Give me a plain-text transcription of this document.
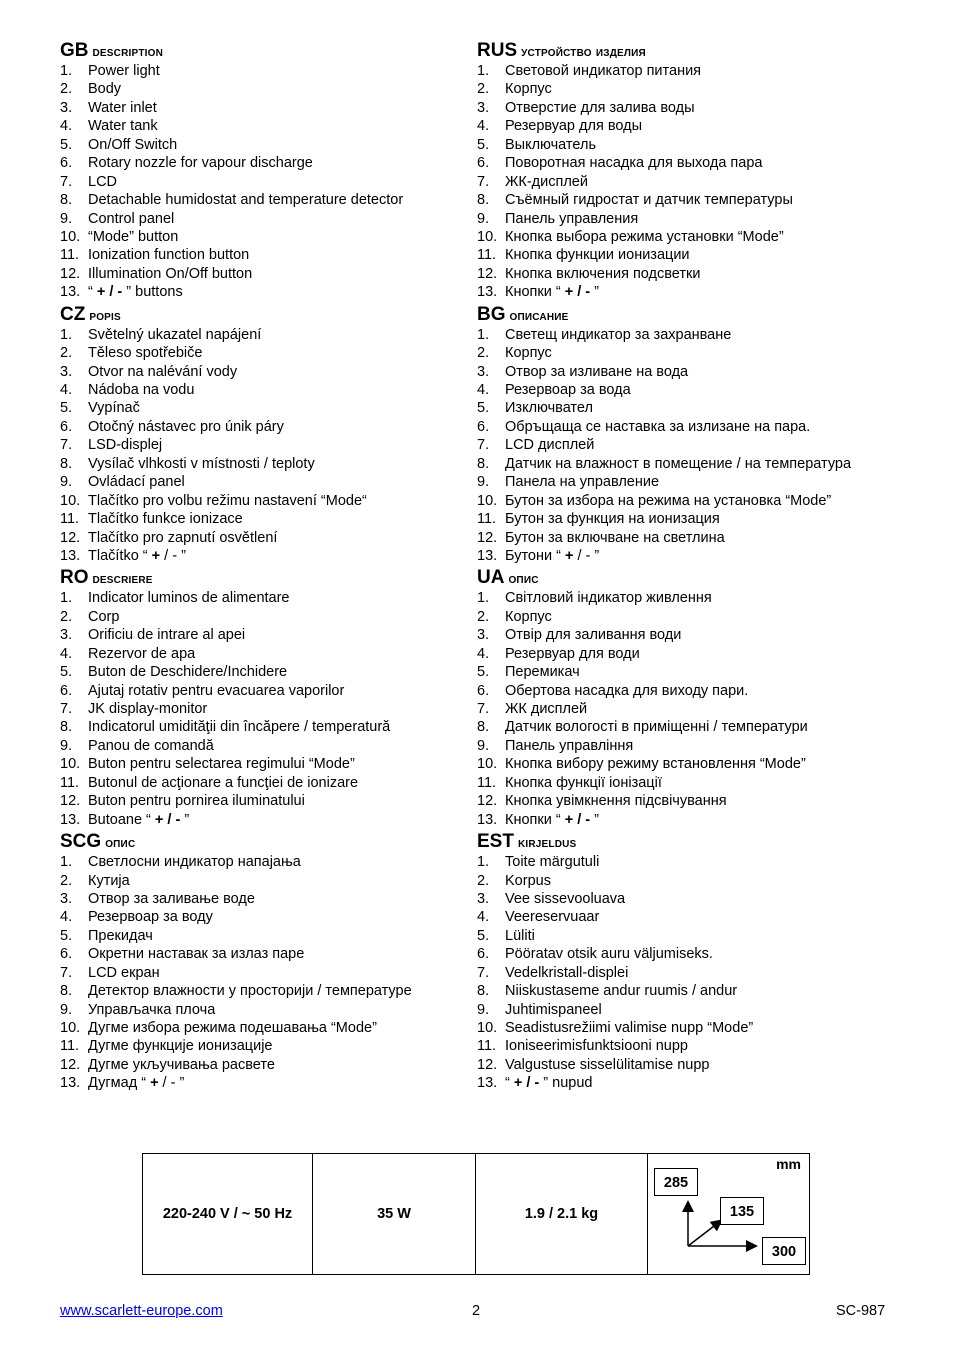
GB description
1. Power light
2. Body
3. Water inlet
4. Water tank
5. On/Off Switch
6. Rotary nozzle for vapour discharge
7. LCD
8. Detachable humidostat and temperature detector
9. Control panel
10. “Mode” button
11. Ionization function button
12. Illumination On/Off button
13. “ + / - ” buttons
CZ popis
1. Světelný ukazatel napájení
2. Těleso spotřebiče
3. Otvor na nalévání vody
4. Nádoba na vodu
5. Vypínač
6. Otočný nástavec pro únik páry
7. LSD-displej
8. Vysílač vlhkosti v místnosti / teploty
9. Ovládací panel
10. Tlačítko pro volbu režimu nastavení “Mode“
11. Tlačítko funkce ionizace
12. Tlačítko pro zapnutí osvětlení
13. Tlačítko “ + / - ”
RO descriere
1. Indicator luminos de alimentare
2. Corp
3. Orificiu de intrare al apei
4. Rezervor de apa
5. Buton de Deschidere/Inchidere
6. Ajutaj rotativ pentru evacuarea vaporilor
7. JK display-monitor
8. Indicatorul umidităţii din încăpere / temperatură
9. Panou de comandă
10. Buton pentru selectarea regimului “Mode”
11. Butonul de acţionare a funcţiei de ionizare
12. Buton pentru pornirea iluminatului
13. Butoane “ + / - ”
SCG опис
1. Светлосни индикатор напајања
2. Кутија
3. Отвор за заливање воде
4. Резервоар за воду
5. Прекидач
6. Окретни наставак за излаз паре
7. LCD екран
8. Детектор влажности у просторији / температуре
9. Управљачка плоча
10. Дугме избора режима подешавања “Mode”
11. Дугме функције ионизације
12. Дугме укључивања расвете
13. Дугмад “ + / - ”
RUS устройство изделия
1. Световой индикатор питания
2. Корпус
3. Отверстие для залива воды
4. Резервуар для воды
5. Выключатель
6. Поворотная насадка для выхода пара
7. ЖК-дисплей
8. Съёмный гидростат и датчик температуры
9. Панель управления
10. Кнопка выбора режима установки “Mode”
11. Кнопка функции ионизации
12. Кнопка включения подсветки
13. Кнопки “ + / - ”
BG описание
1. Светещ индикатор за захранване
2. Корпус
3. Отвор за изливане на вода
4. Резервоар за вода
5. Изключвател
6. Обръщаща се наставка за излизане на пара.
7. LCD дисплей
8. Датчик на влажност в помещение / на температура
9. Панела на управление
10. Бутон за избора на режима на установка “Mode”
11. Бутон за функция на ионизация
12. Бутон за включване на светлина
13. Бутони “ + / - ”
UA опис
1. Світловий індикатор живлення
2. Корпус
3. Отвір для заливання води
4. Резервуар для води
5. Перемикач
6. Обертова насадка для виходу пари.
7. ЖК дисплей
8. Датчик вологості в приміщенні / температури
9. Панель управління
10. Кнопка вибору режиму встановлення “Mode”
11. Кнопка функції іонізації
12. Кнопка увімкнення підсвічування
13. Кнопки “ + / - ”
EST kirjeldus
1. Toite märgutuli
2. Korpus
3. Vee sissevooluava
4. Veereservuaar
5. Lüliti
6. Pööratav otsik auru väljumiseks.
7. Vedelkristall-displei
8. Niiskustaseme andur ruumis / andur
9. Juhtimispaneel
10. Seadistusrežiimi valimise nupp “Mode”
11. Ioniseerimisfunktsiooni nupp
12. Valgustuse sisselülitamise nupp
13. “ + / - ” nupud
220-240 V / ~ 50 Hz	35 W	1.9 / 2.1 kg
mm
285
135
300
www.scarlett-europe.com	2	SC-987
